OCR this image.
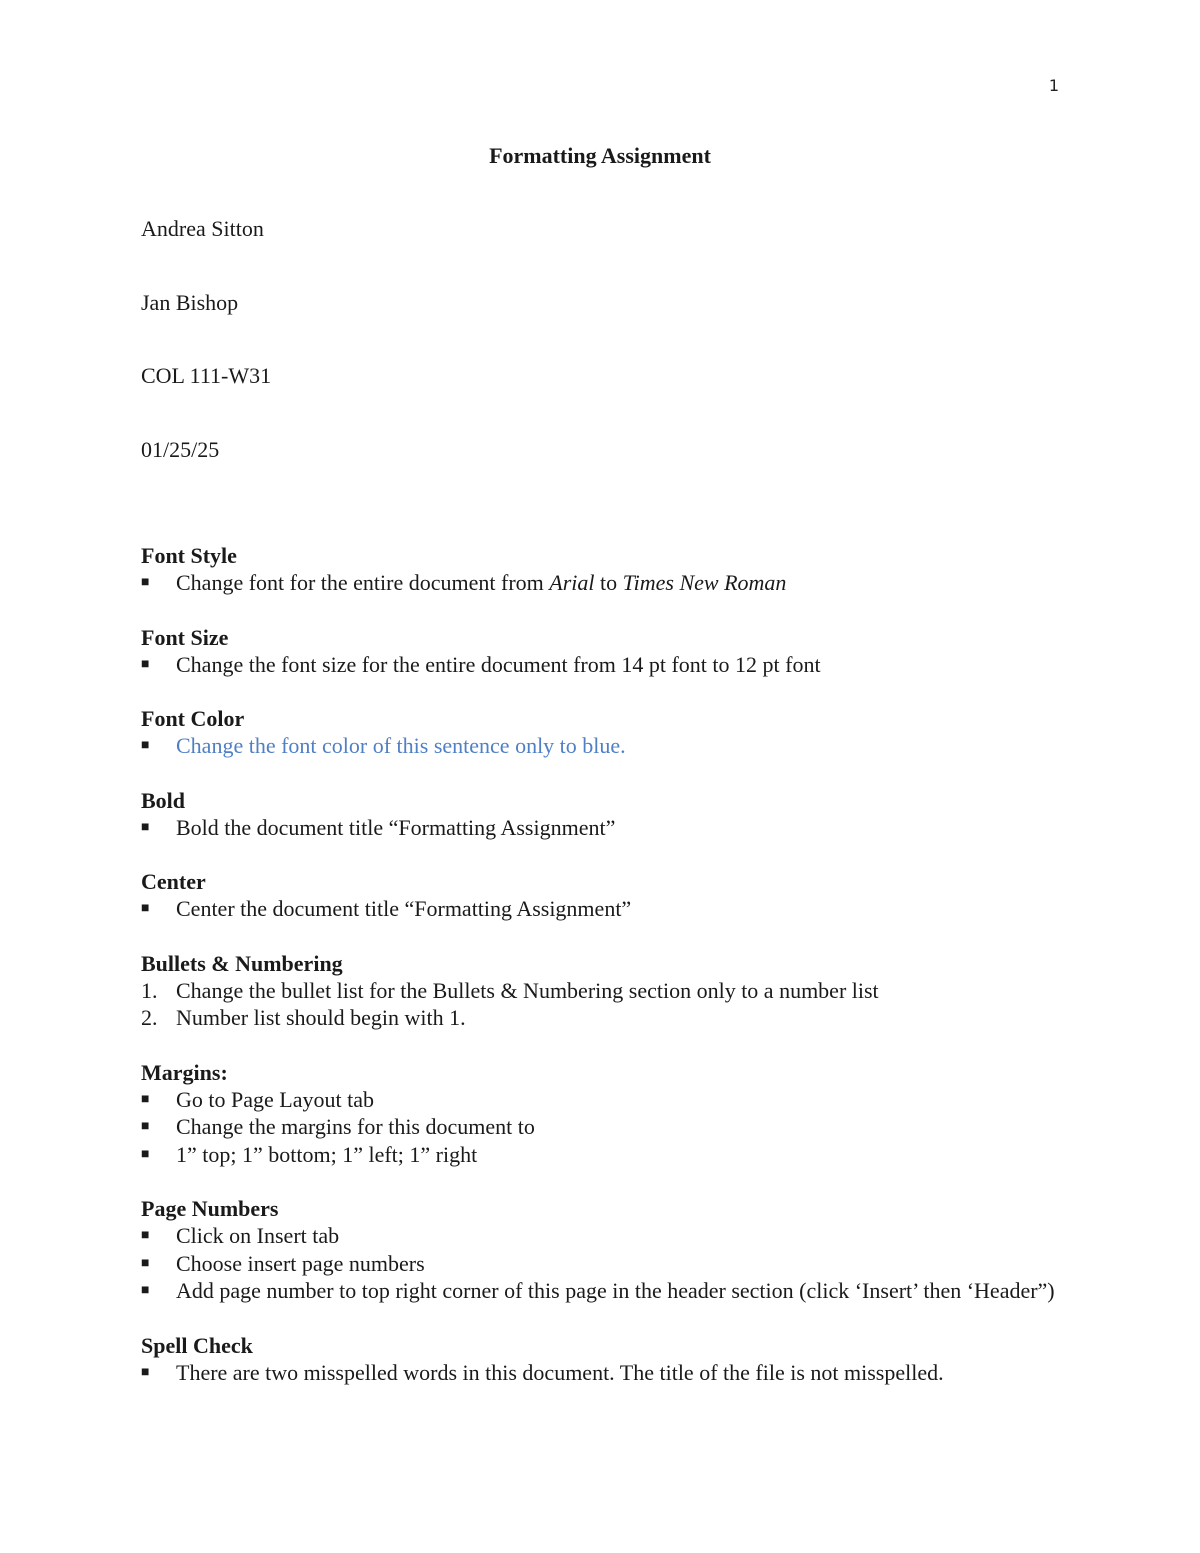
1
Formatting Assignment
Andrea Sitton
Jan Bishop
COL 111-W31
01/25/25
Font Style
■	Change font for the entire document from Arial to Times New Roman
Font Size
■	Change the font size for the entire document from 14 pt font to 12 pt font
Font Color
■	Change the font color of this sentence only to blue.
Bold
■	Bold the document title “Formatting Assignment”
Center
■	Center the document title “Formatting Assignment”
Bullets & Numbering
1. Change the bullet list for the Bullets & Numbering section only to a number list
2. Number list should begin with 1.
Margins:
■	Go to Page Layout tab
■	Change the margins for this document to
■	1” top; 1” bottom; 1” left; 1” right
Page Numbers
■	Click on Insert tab
■	Choose insert page numbers
■	Add page number to top right corner of this page in the header section (click ‘Insert’ then ‘Header”)
Spell Check
■	There are two misspelled words in this document. The title of the file is not misspelled.
